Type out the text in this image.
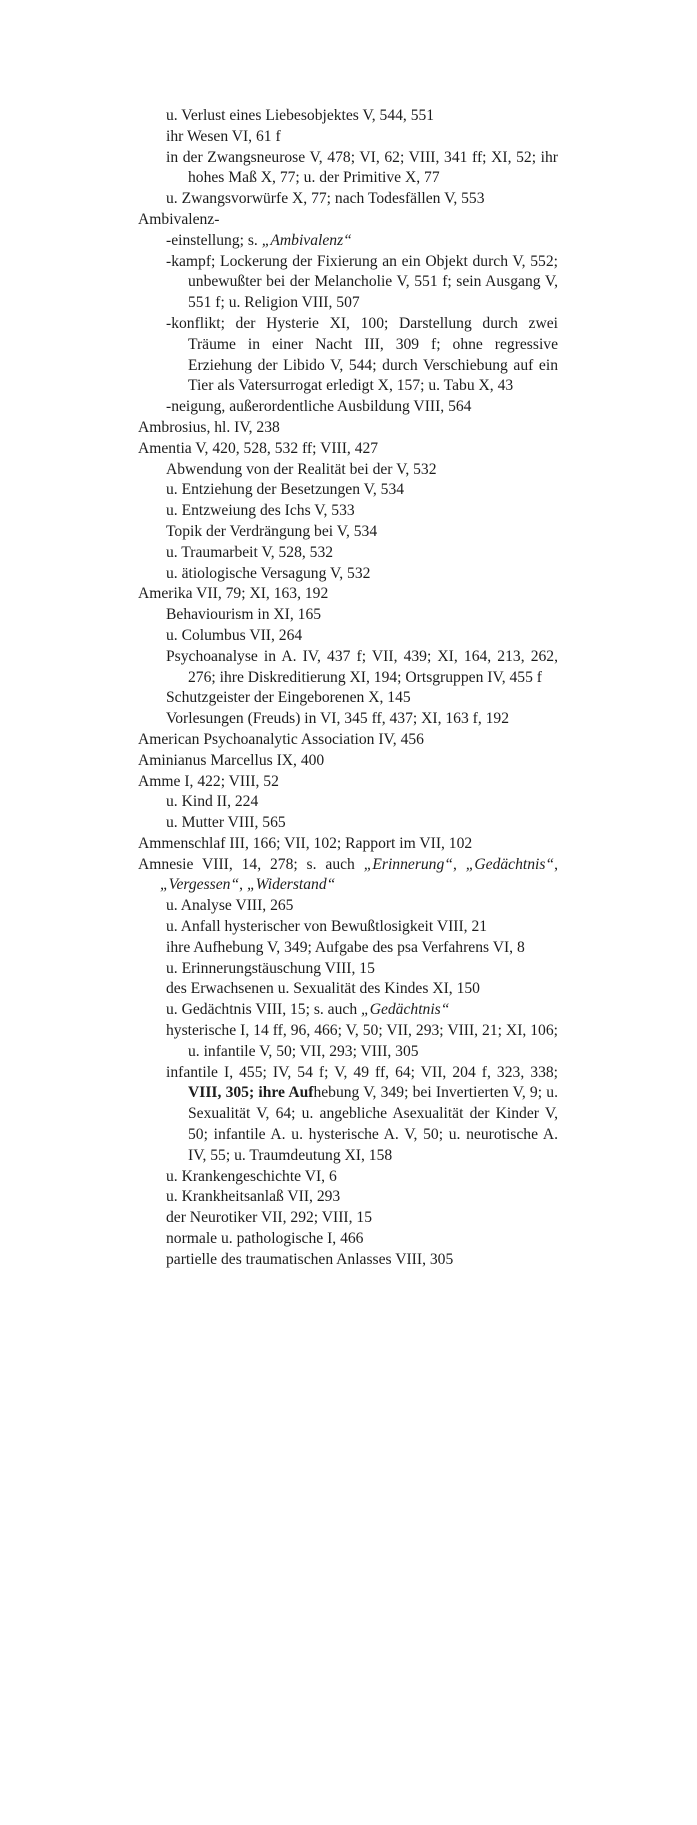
u. Verlust eines Liebesobjektes V, 544, 551
ihr Wesen VI, 61 f
in der Zwangsneurose V, 478; VI, 62; VIII, 341 ff; XI, 52; ihr hohes Maß X, 77; u. der Primitive X, 77
u. Zwangsvorwürfe X, 77; nach Todesfällen V, 553
Ambivalenz-
-einstellung; s. „Ambivalenz“
-kampf; Lockerung der Fixierung an ein Objekt durch V, 552; unbewußter bei der Melancholie V, 551 f; sein Ausgang V, 551 f; u. Religion VIII, 507
-konflikt; der Hysterie XI, 100; Darstellung durch zwei Träume in einer Nacht III, 309 f; ohne regressive Erziehung der Libido V, 544; durch Verschiebung auf ein Tier als Vatersurrogat erledigt X, 157; u. Tabu X, 43
-neigung, außerordentliche Ausbildung VIII, 564
Ambrosius, hl. IV, 238
Amentia V, 420, 528, 532 ff; VIII, 427
Abwendung von der Realität bei der V, 532
u. Entziehung der Besetzungen V, 534
u. Entzweiung des Ichs V, 533
Topik der Verdrängung bei V, 534
u. Traumarbeit V, 528, 532
u. ätiologische Versagung V, 532
Amerika VII, 79; XI, 163, 192
Behaviourism in XI, 165
u. Columbus VII, 264
Psychoanalyse in A. IV, 437 f; VII, 439; XI, 164, 213, 262, 276; ihre Diskreditierung XI, 194; Ortsgruppen IV, 455 f
Schutzgeister der Eingeborenen X, 145
Vorlesungen (Freuds) in VI, 345 ff, 437; XI, 163 f, 192
American Psychoanalytic Association IV, 456
Aminianus Marcellus IX, 400
Amme I, 422; VIII, 52
u. Kind II, 224
u. Mutter VIII, 565
Ammenschlaf III, 166; VII, 102; Rapport im VII, 102
Amnesie VIII, 14, 278; s. auch „Erinnerung“, „Gedächtnis“, „Vergessen“, „Widerstand“
u. Analyse VIII, 265
u. Anfall hysterischer von Bewußtlosigkeit VIII, 21
ihre Aufhebung V, 349; Aufgabe des psa Verfahrens VI, 8
u. Erinnerungstäuschung VIII, 15
des Erwachsenen u. Sexualität des Kindes XI, 150
u. Gedächtnis VIII, 15; s. auch „Gedächtnis“
hysterische I, 14 ff, 96, 466; V, 50; VII, 293; VIII, 21; XI, 106; u. infantile V, 50; VII, 293; VIII, 305
infantile I, 455; IV, 54 f; V, 49 ff, 64; VII, 204 f, 323, 338; VIII, 305; ihre Aufhebung V, 349; bei Invertierten V, 9; u. Sexualität V, 64; u. angebliche Asexualität der Kinder V, 50; infantile A. u. hysterische A. V, 50; u. neurotische A. IV, 55; u. Traumdeutung XI, 158
u. Krankengeschichte VI, 6
u. Krankheitsanlaß VII, 293
der Neurotiker VII, 292; VIII, 15
normale u. pathologische I, 466
partielle des traumatischen Anlasses VIII, 305
